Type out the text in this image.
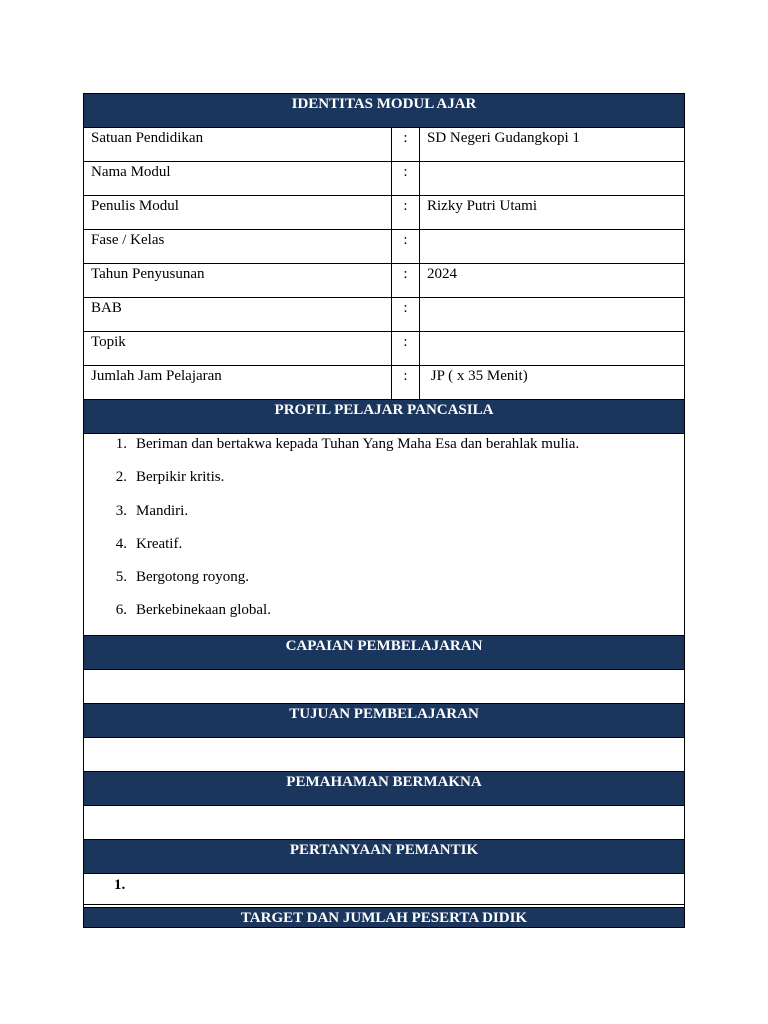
IDENTITAS MODUL AJAR
Satuan Pendidikan	:	SD Negeri Gudangkopi 1
Nama Modul	:
Penulis Modul	:	Rizky Putri Utami
Fase / Kelas	:
Tahun Penyusunan	:	2024
BAB	:
Topik	:
Jumlah Jam Pelajaran	:	JP ( x 35 Menit)
PROFIL PELAJAR PANCASILA
1. Beriman dan bertakwa kepada Tuhan Yang Maha Esa dan berahlak mulia.
2. Berpikir kritis.
3. Mandiri.
4. Kreatif.
5. Bergotong royong.
6. Berkebinekaan global.
CAPAIAN PEMBELAJARAN
TUJUAN PEMBELAJARAN
PEMAHAMAN BERMAKNA
PERTANYAAN PEMANTIK
1.
TARGET DAN JUMLAH PESERTA DIDIK
